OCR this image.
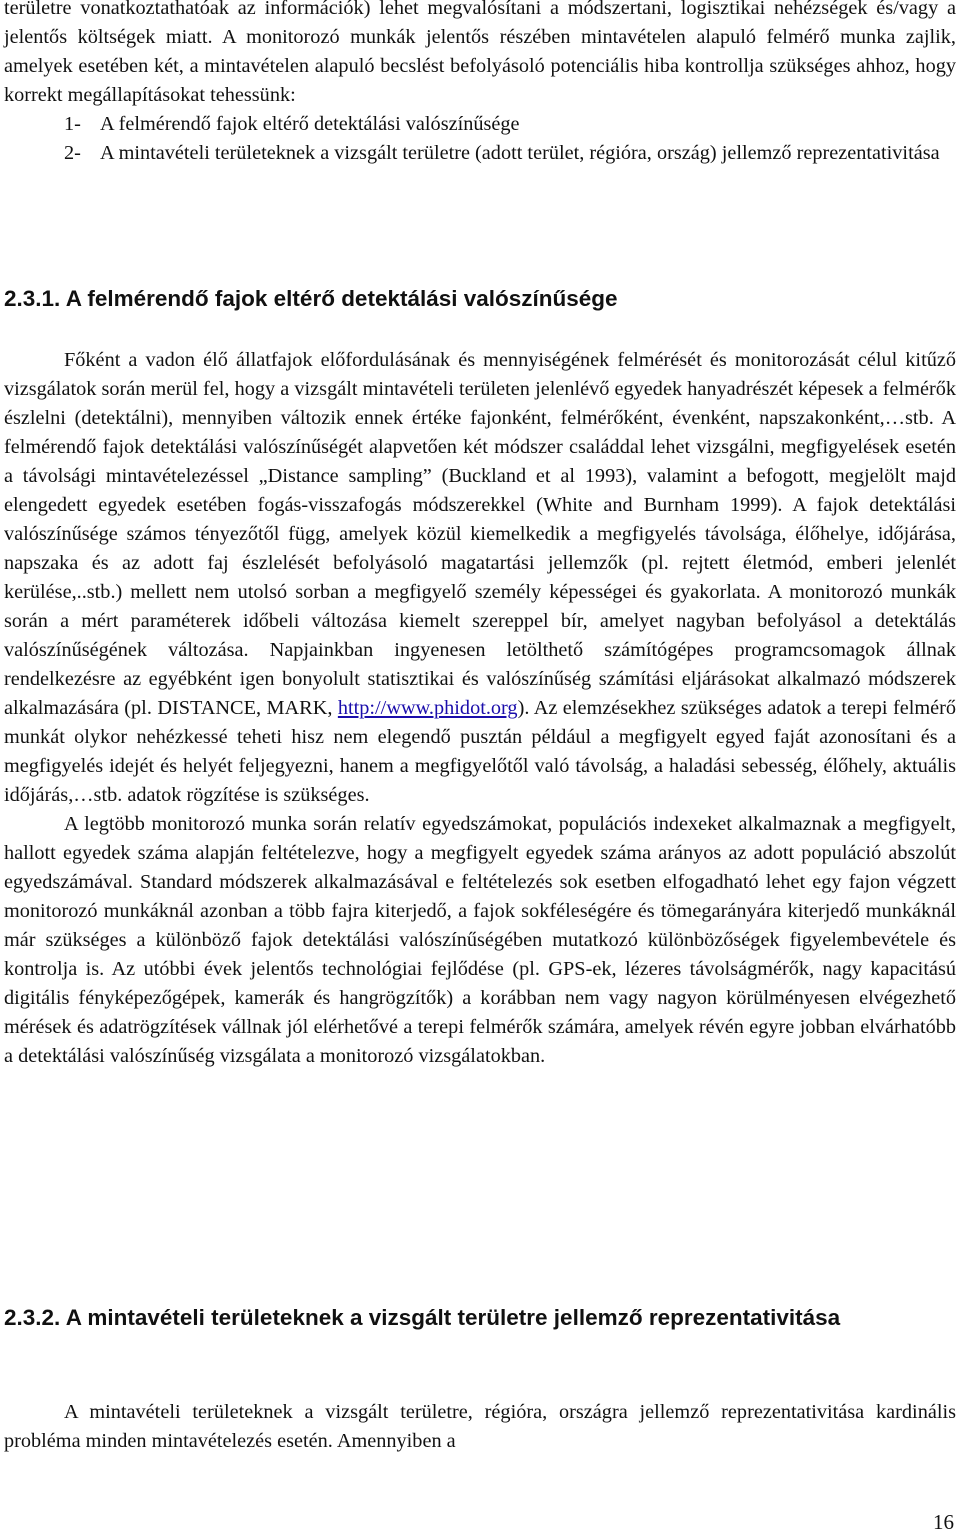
területre vonatkoztathatóak az információk) lehet megvalósítani a módszertani, logisztikai nehézségek és/vagy a jelentős költségek miatt. A monitorozó munkák jelentős részében mintavételen alapuló felmérő munka zajlik, amelyek esetében két, a mintavételen alapuló becslést befolyásoló potenciális hiba kontrollja szükséges ahhoz, hogy korrekt megállapításokat tehessünk:

1- A felmérendő fajok eltérő detektálási valószínűsége
2- A mintavételi területeknek a vizsgált területre (adott terület, régióra, ország) jellemző reprezentativitása
2.3.1. A felmérendő fajok eltérő detektálási valószínűsége

Főként a vadon élő állatfajok előfordulásának és mennyiségének felmérését és monitorozását célul kitűző vizsgálatok során merül fel, hogy a vizsgált mintavételi területen jelenlévő egyedek hanyadrészét képesek a felmérők észlelni (detektálni), mennyiben változik ennek értéke fajonként, felmérőként, évenként, napszakonként,…stb. A felmérendő fajok detektálási valószínűségét alapvetően két módszer családdal lehet vizsgálni, megfigyelések esetén a távolsági mintavételezéssel „Distance sampling” (Buckland et al 1993), valamint a befogott, megjelölt majd elengedett egyedek esetében fogás-visszafogás módszerekkel (White and Burnham 1999). A fajok detektálási valószínűsége számos tényezőtől függ, amelyek közül kiemelkedik a megfigyelés távolsága, élőhelye, időjárása, napszaka és az adott faj észlelését befolyásoló magatartási jellemzők (pl. rejtett életmód, emberi jelenlét kerülése,..stb.) mellett nem utolsó sorban a megfigyelő személy képességei és gyakorlata. A monitorozó munkák során a mért paraméterek időbeli változása kiemelt szereppel bír, amelyet nagyban befolyásol a detektálás valószínűségének változása. Napjainkban ingyenesen letölthető számítógépes programcsomagok állnak rendelkezésre az egyébként igen bonyolult statisztikai és valószínűség számítási eljárásokat alkalmazó módszerek alkalmazására (pl. DISTANCE, MARK, http://www.phidot.org). Az elemzésekhez szükséges adatok a terepi felmérő munkát olykor nehézkessé teheti hisz nem elegendő pusztán például a megfigyelt egyed faját azonosítani és a megfigyelés idejét és helyét feljegyezni, hanem a megfigyelőtől való távolság, a haladási sebesség, élőhely, aktuális időjárás,…stb. adatok rögzítése is szükséges.

A legtöbb monitorozó munka során relatív egyedszámokat, populációs indexeket alkalmaznak a megfigyelt, hallott egyedek száma alapján feltételezve, hogy a megfigyelt egyedek száma arányos az adott populáció abszolút egyedszámával. Standard módszerek alkalmazásával e feltételezés sok esetben elfogadható lehet egy fajon végzett monitorozó munkáknál azonban a több fajra kiterjedő, a fajok sokféleségére és tömegarányára kiterjedő munkáknál már szükséges a különböző fajok detektálási valószínűségében mutatkozó különbözőségek figyelembevétele és kontrolja is. Az utóbbi évek jelentős technológiai fejlődése (pl. GPS-ek, lézeres távolságmérők, nagy kapacitású digitális fényképezőgépek, kamerák és hangrögzítők) a korábban nem vagy nagyon körülményesen elvégezhető mérések és adatrögzítések vállnak jól elérhetővé a terepi felmérők számára, amelyek révén egyre jobban elvárhatóbb a detektálási valószínűség vizsgálata a monitorozó vizsgálatokban.

2.3.2. A mintavételi területeknek a vizsgált területre jellemző reprezentativitása

A mintavételi területeknek a vizsgált területre, régióra, országra jellemző reprezentativitása kardinális probléma minden mintavételezés esetén. Amennyiben a

16
